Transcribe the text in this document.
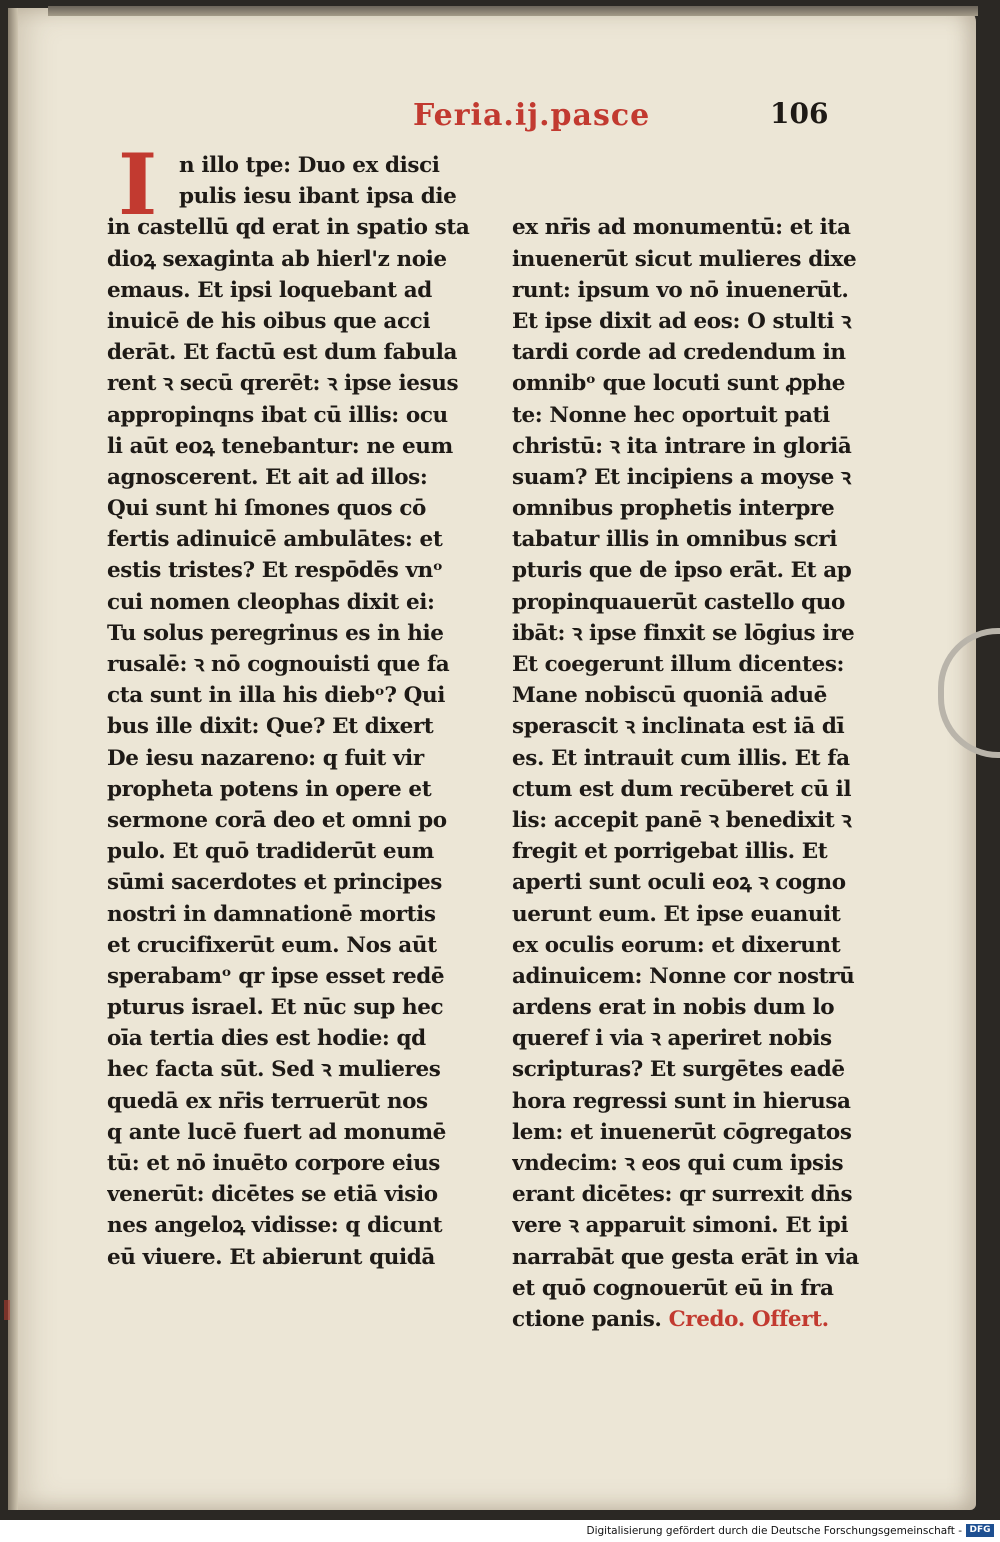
Feria.ij.pasce	106
I	n illo tpe: Duo ex disci
pulis iesu ibant ipsa die
in castellū qd erat in spatio sta
dioꝝ sexaginta ab hierl'z noie
emaus. Et ipsi loquebant ad
inuicē de his oibus que acci
derāt. Et factū est dum fabula
rent ꝛ secū qrerēt: ꝛ ipse iesus
appropinqns ibat cū illis: ocu
li aūt eoꝝ tenebantur: ne eum
agnoscerent. Et ait ad illos:
Qui sunt hi ſmones quos cō
fertis adinuicē ambulātes: et
estis tristes? Et respōdēs vnᵒ
cui nomen cleophas dixit ei:
Tu solus peregrinus es in hie
rusalē: ꝛ nō cognouisti que fa
cta sunt in illa his diebᵒ? Qui
bus ille dixit: Que? Et dixert
De iesu nazareno: q fuit vir
propheta potens in opere et
sermone corā deo et omni po
pulo. Et quō tradiderūt eum
sūmi sacerdotes et principes
nostri in damnationē mortis
et crucifixerūt eum. Nos aūt
sperabamᵒ qr ipse esset redē
pturus israel. Et nūc sup hec
oīa tertia dies est hodie: qd
hec facta sūt. Sed ꝛ mulieres
quedā ex nr̄is terruerūt nos
q ante lucē fuert ad monumē
tū: et nō inuēto corpore eius
venerūt: dicētes se etiā visio
nes angeloꝝ vidisse: q dicunt
eū viuere. Et abierunt quidā

ex nr̄is ad monumentū: et ita
inuenerūt sicut mulieres dixe
runt: ipsum vo nō inuenerūt.
Et ipse dixit ad eos: O stulti ꝛ
tardi corde ad credendum in
omnibᵒ que locuti sunt ꝓphe
te: Nonne hec oportuit pati
christū: ꝛ ita intrare in gloriā
suam? Et incipiens a moyse ꝛ
omnibus prophetis interpre
tabatur illis in omnibus scri
pturis que de ipso erāt. Et ap
propinquauerūt castello quo
ibāt: ꝛ ipse finxit se lōgius ire
Et coegerunt illum dicentes:
Mane nobiscū quoniā aduē
sperascit ꝛ inclinata est iā dī
es. Et intrauit cum illis. Et fa
ctum est dum recūberet cū il
lis: accepit panē ꝛ benedixit ꝛ
fregit et porrigebat illis. Et
aperti sunt oculi eoꝝ ꝛ cogno
uerunt eum. Et ipse euanuit
ex oculis eorum: et dixerunt
adinuicem: Nonne cor nostrū
ardens erat in nobis dum lo
queref i via ꝛ aperiret nobis
scripturas? Et surgētes eadē
hora regressi sunt in hierusa
lem: et inuenerūt cōgregatos
vndecim: ꝛ eos qui cum ipsis
erant dicētes: qr surrexit dn̄s
vere ꝛ apparuit simoni. Et ipi
narrabāt que gesta erāt in via
et quō cognouerūt eū in fra
ctione panis. Credo. Offert.
Digitalisierung gefördert durch die Deutsche Forschungsgemeinschaft - DFG
